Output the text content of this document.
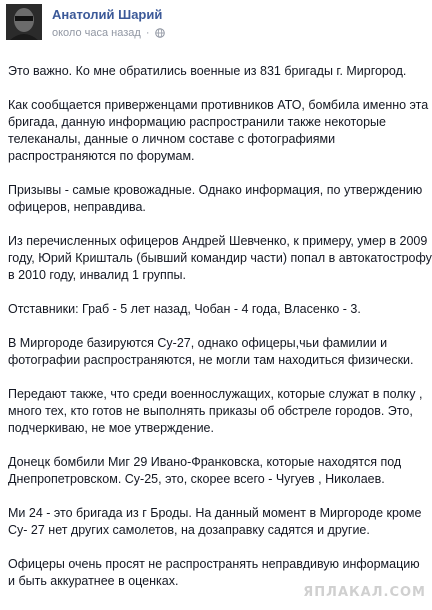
Анатолий Шарий
около часа назад ·
Это важно. Ко мне обратились военные из 831 бригады г. Миргород.
Как сообщается приверженцами противников АТО, бомбила именно эта
бригада, данную информацию распространили также некоторые
телеканалы, данные о личном составе с фотографиями
распространяются по форумам.
Призывы - самые кровожадные. Однако информация, по утверждению
офицеров, неправдива.
Из перечисленных офицеров Андрей Шевченко, к примеру, умер в 2009
году, Юрий Кришталь (бывший командир части) попал в автокатострофу
в 2010 году, инвалид 1 группы.
Отставники: Граб - 5 лет назад, Чобан - 4 года, Власенко - 3.
В Миргороде базируются Су-27, однако офицеры,чьи фамилии и
фотографии распространяются, не могли там находиться физически.
Передают также, что среди военнослужащих, которые служат в полку ,
много тех, кто готов не выполнять приказы об обстреле городов. Это,
подчеркиваю, не мое утверждение.
Донецк бомбили Миг 29 Ивано-Франковска, которые находятся под
Днепропетровском. Су-25, это, скорее всего - Чугуев , Николаев.
Ми 24 - это бригада из г Броды. На данный момент в Миргороде кроме
Су- 27 нет других самолетов, на дозаправку садятся и другие.
Офицеры очень просят не распространять неправдивую информацию
и быть аккуратнее в оценках.
ЯПЛАКАЛ.COM
